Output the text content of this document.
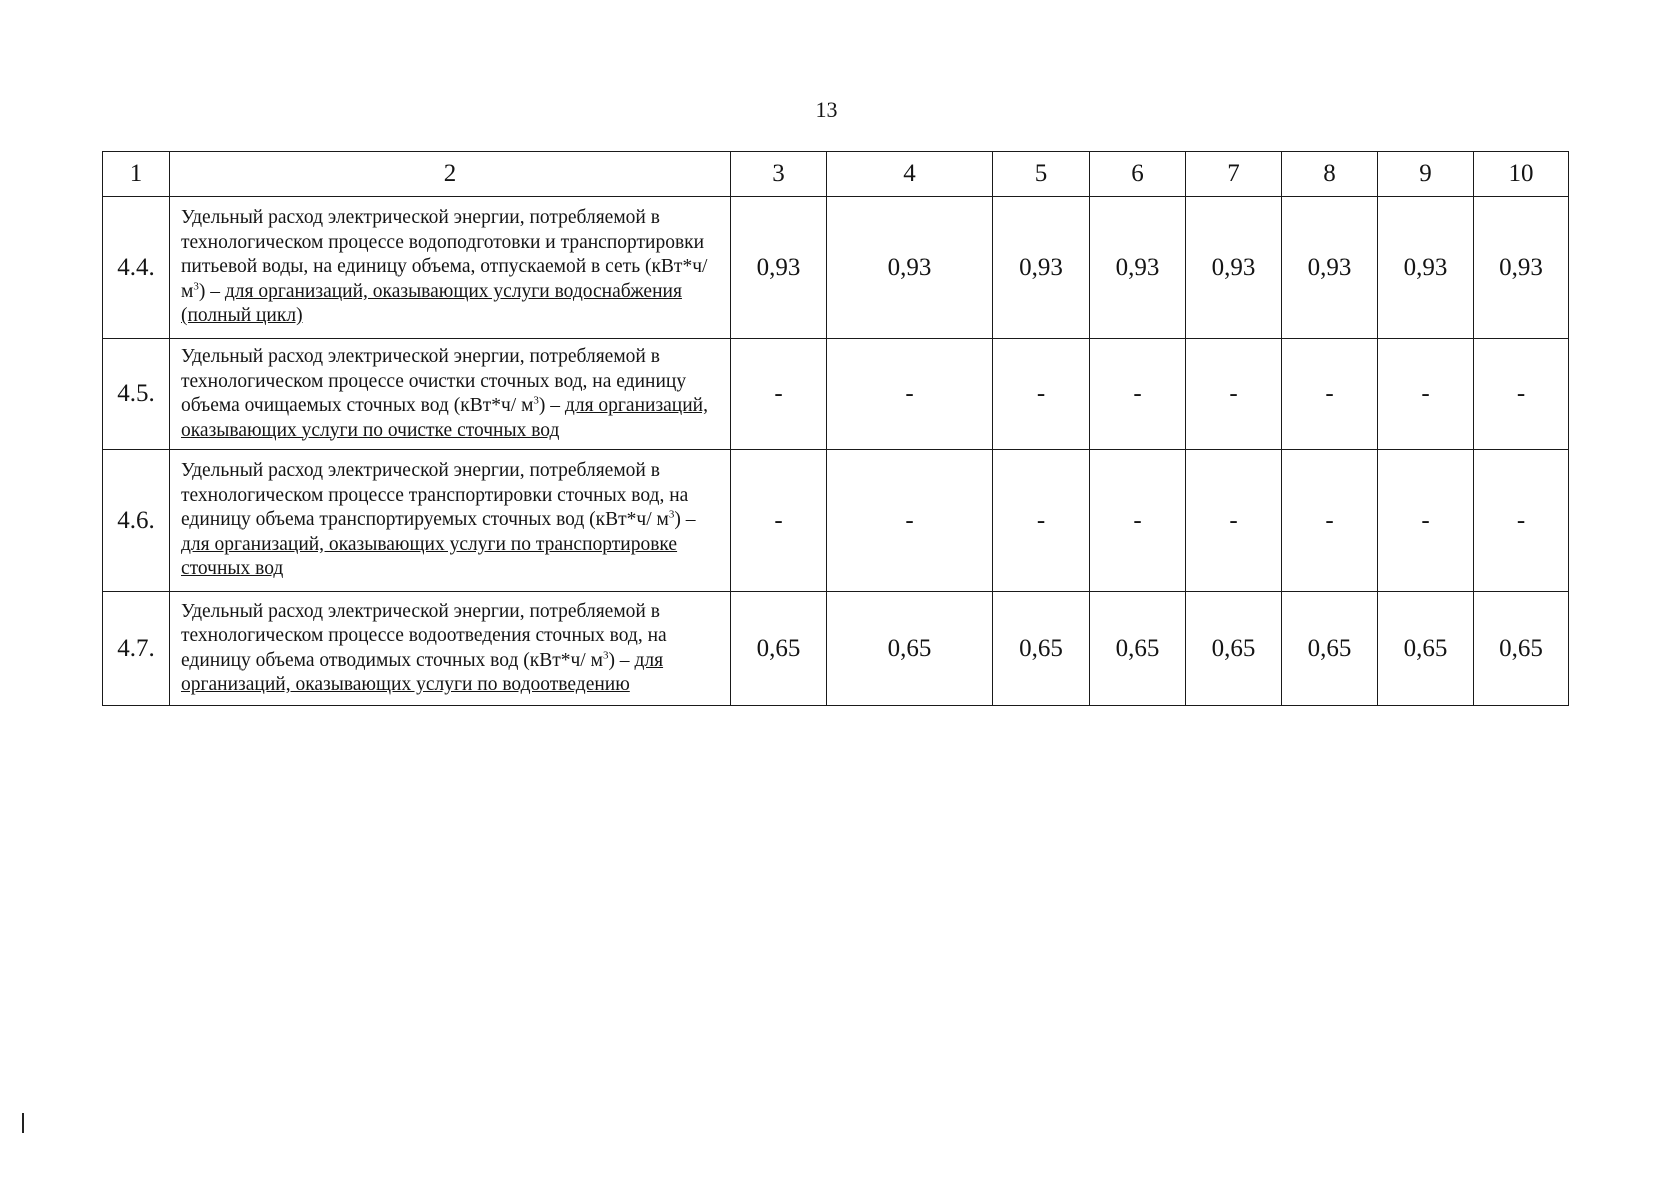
13
1	2	3	4	5	6	7	8	9	10
4.4.	Удельный расход электрической энергии, потребляемой в технологическом процессе водоподготовки и транспортировки питьевой воды, на единицу объема, отпускаемой в сеть $(кВт*ч/м^3)$ – для организаций, оказывающих услуги водоснабжения (полный цикл)	0,93	0,93	0,93	0,93	0,93	0,93	0,93	0,93
4.5.	Удельный расход электрической энергии, потребляемой в технологическом процессе очистки сточных вод, на единицу объема очищаемых сточных вод (кВт*ч/ $м^3$) – для организаций, оказывающих услуги по очистке сточных вод	-	-	-	-	-	-	-	-
4.6.	Удельный расход электрической энергии, потребляемой в технологическом процессе транспортировки сточных вод, на единицу объема транспортируемых сточных вод (кВт*ч/ $м^3$) – для организаций, оказывающих услуги по транспортировке сточных вод	-	-	-	-	-	-	-	-
4.7.	Удельный расход электрической энергии, потребляемой в технологическом процессе водоотведения сточных вод, на единицу объема отводимых сточных вод (кВт*ч/ $м^3$) – для организаций, оказывающих услуги по водоотведению	0,65	0,65	0,65	0,65	0,65	0,65	0,65	0,65
